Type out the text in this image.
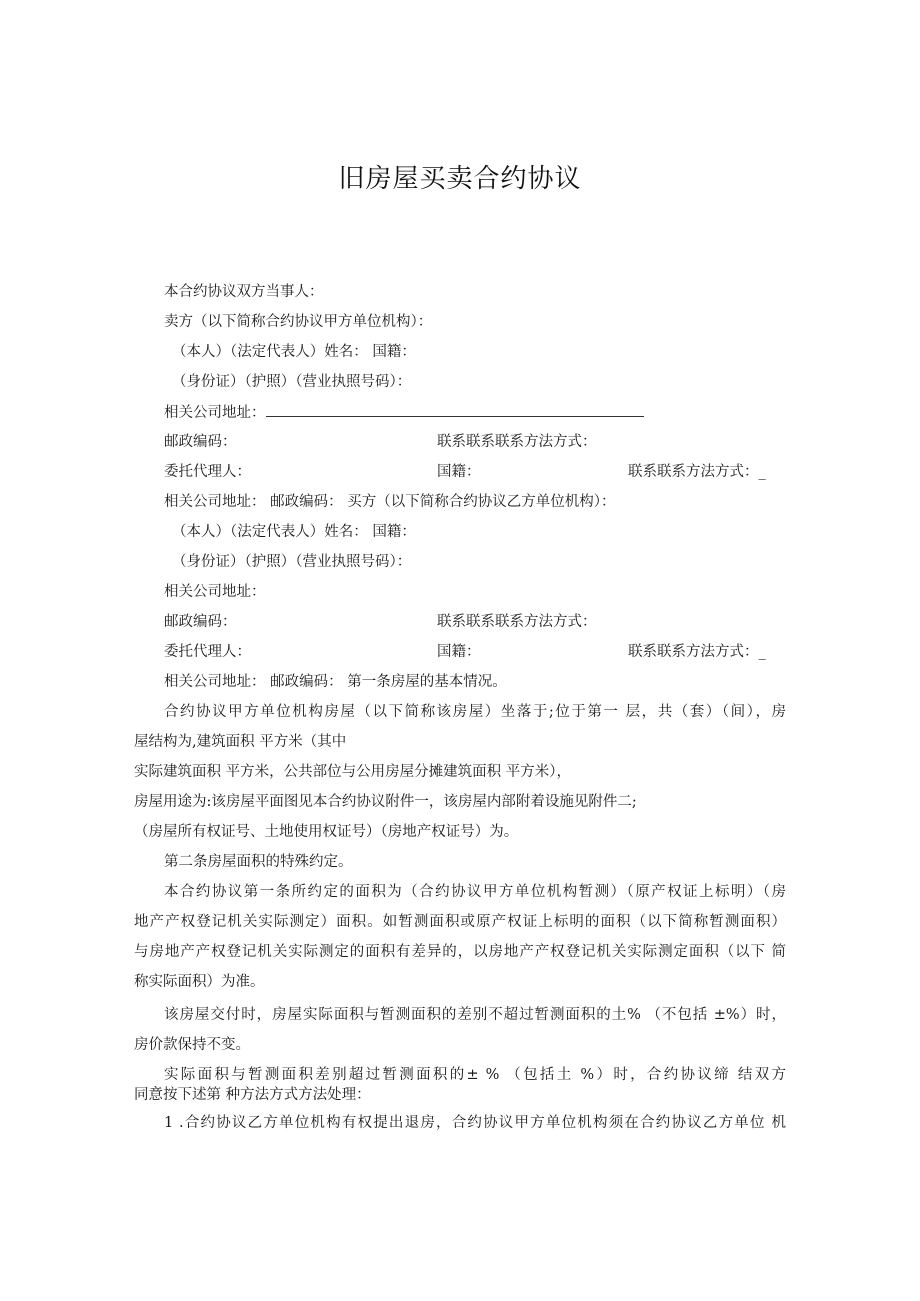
旧房屋买卖合约协议
本合约协议双方当事人：
卖方（以下简称合约协议甲方单位机构）：
（本人）（法定代表人）姓名： 国籍：
（身份证）（护照）（营业执照号码）：
相关公司地址：
邮政编码：	联系联系联系方法方式：
委托代理人：	国籍：	联系联系方法方式：_
相关公司地址： 邮政编码： 买方（以下简称合约协议乙方单位机构）：
（本人）（法定代表人）姓名： 国籍：
（身份证）（护照）（营业执照号码）：
相关公司地址：
邮政编码：	联系联系联系方法方式：
委托代理人：	国籍：	联系联系方法方式：_
相关公司地址： 邮政编码： 第一条房屋的基本情况。
合约协议甲方单位机构房屋（以下简称该房屋）坐落于;位于第一 层，共（套）（间），房
屋结构为,建筑面积 平方米（其中
实际建筑面积 平方米，公共部位与公用房屋分摊建筑面积 平方米），
房屋用途为:该房屋平面图见本合约协议附件一，该房屋内部附着设施见附件二;
（房屋所有权证号、土地使用权证号）（房地产权证号）为。
第二条房屋面积的特殊约定。
本合约协议第一条所约定的面积为（合约协议甲方单位机构暂测）（原产权证上标明）（房
地产产权登记机关实际测定）面积。如暂测面积或原产权证上标明的面积（以下简称暂测面积）
与房地产产权登记机关实际测定的面积有差异的，以房地产产权登记机关实际测定面积（以下 简
称实际面积）为准。
该房屋交付时，房屋实际面积与暂测面积的差别不超过暂测面积的土% （不包括 ±%）时，
房价款保持不变。
实际面积与暂测面积差别超过暂测面积的± % （包括土 %）时，合约协议缔 结双方
同意按下述第 种方法方式方法处理：
1 .合约协议乙方单位机构有权提出退房，合约协议甲方单位机构须在合约协议乙方单位 机
